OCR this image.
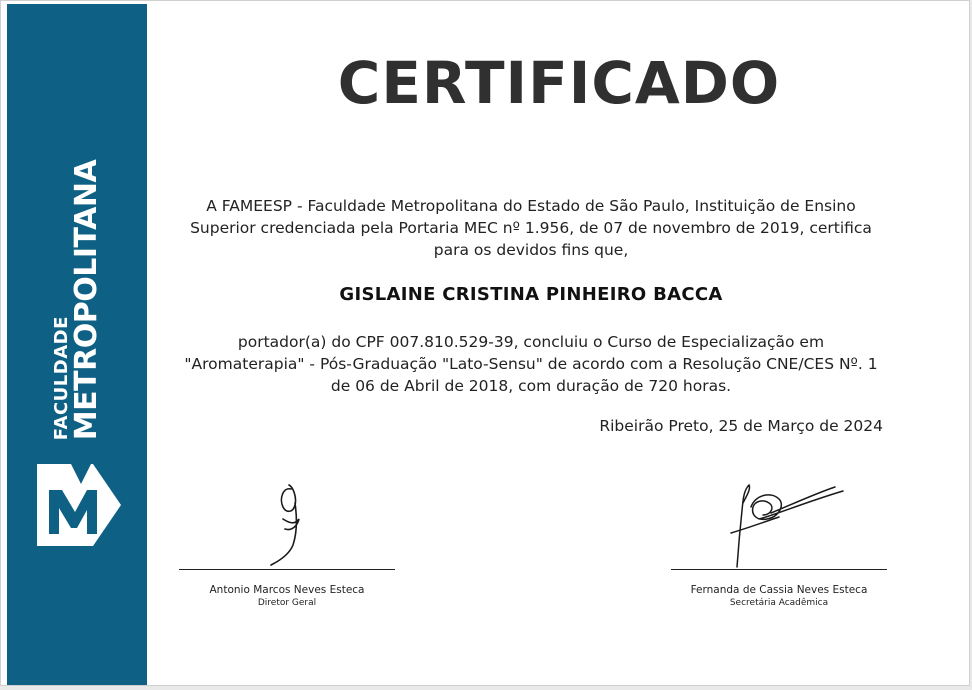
FACULDADE
METROPOLITANA
CERTIFICADO
A FAMEESP - Faculdade Metropolitana do Estado de São Paulo, Instituição de Ensino
Superior credenciada pela Portaria MEC nº 1.956, de 07 de novembro de 2019, certifica
para os devidos fins que,
GISLAINE CRISTINA PINHEIRO BACCA
portador(a) do CPF 007.810.529-39, concluiu o Curso de Especialização em
"Aromaterapia" - Pós-Graduação "Lato-Sensu" de acordo com a Resolução CNE/CES Nº. 1
de 06 de Abril de 2018, com duração de 720 horas.
Ribeirão Preto, 25 de Março de 2024
Antonio Marcos Neves Esteca
Diretor Geral
Fernanda de Cassia Neves Esteca
Secretária Acadêmica
